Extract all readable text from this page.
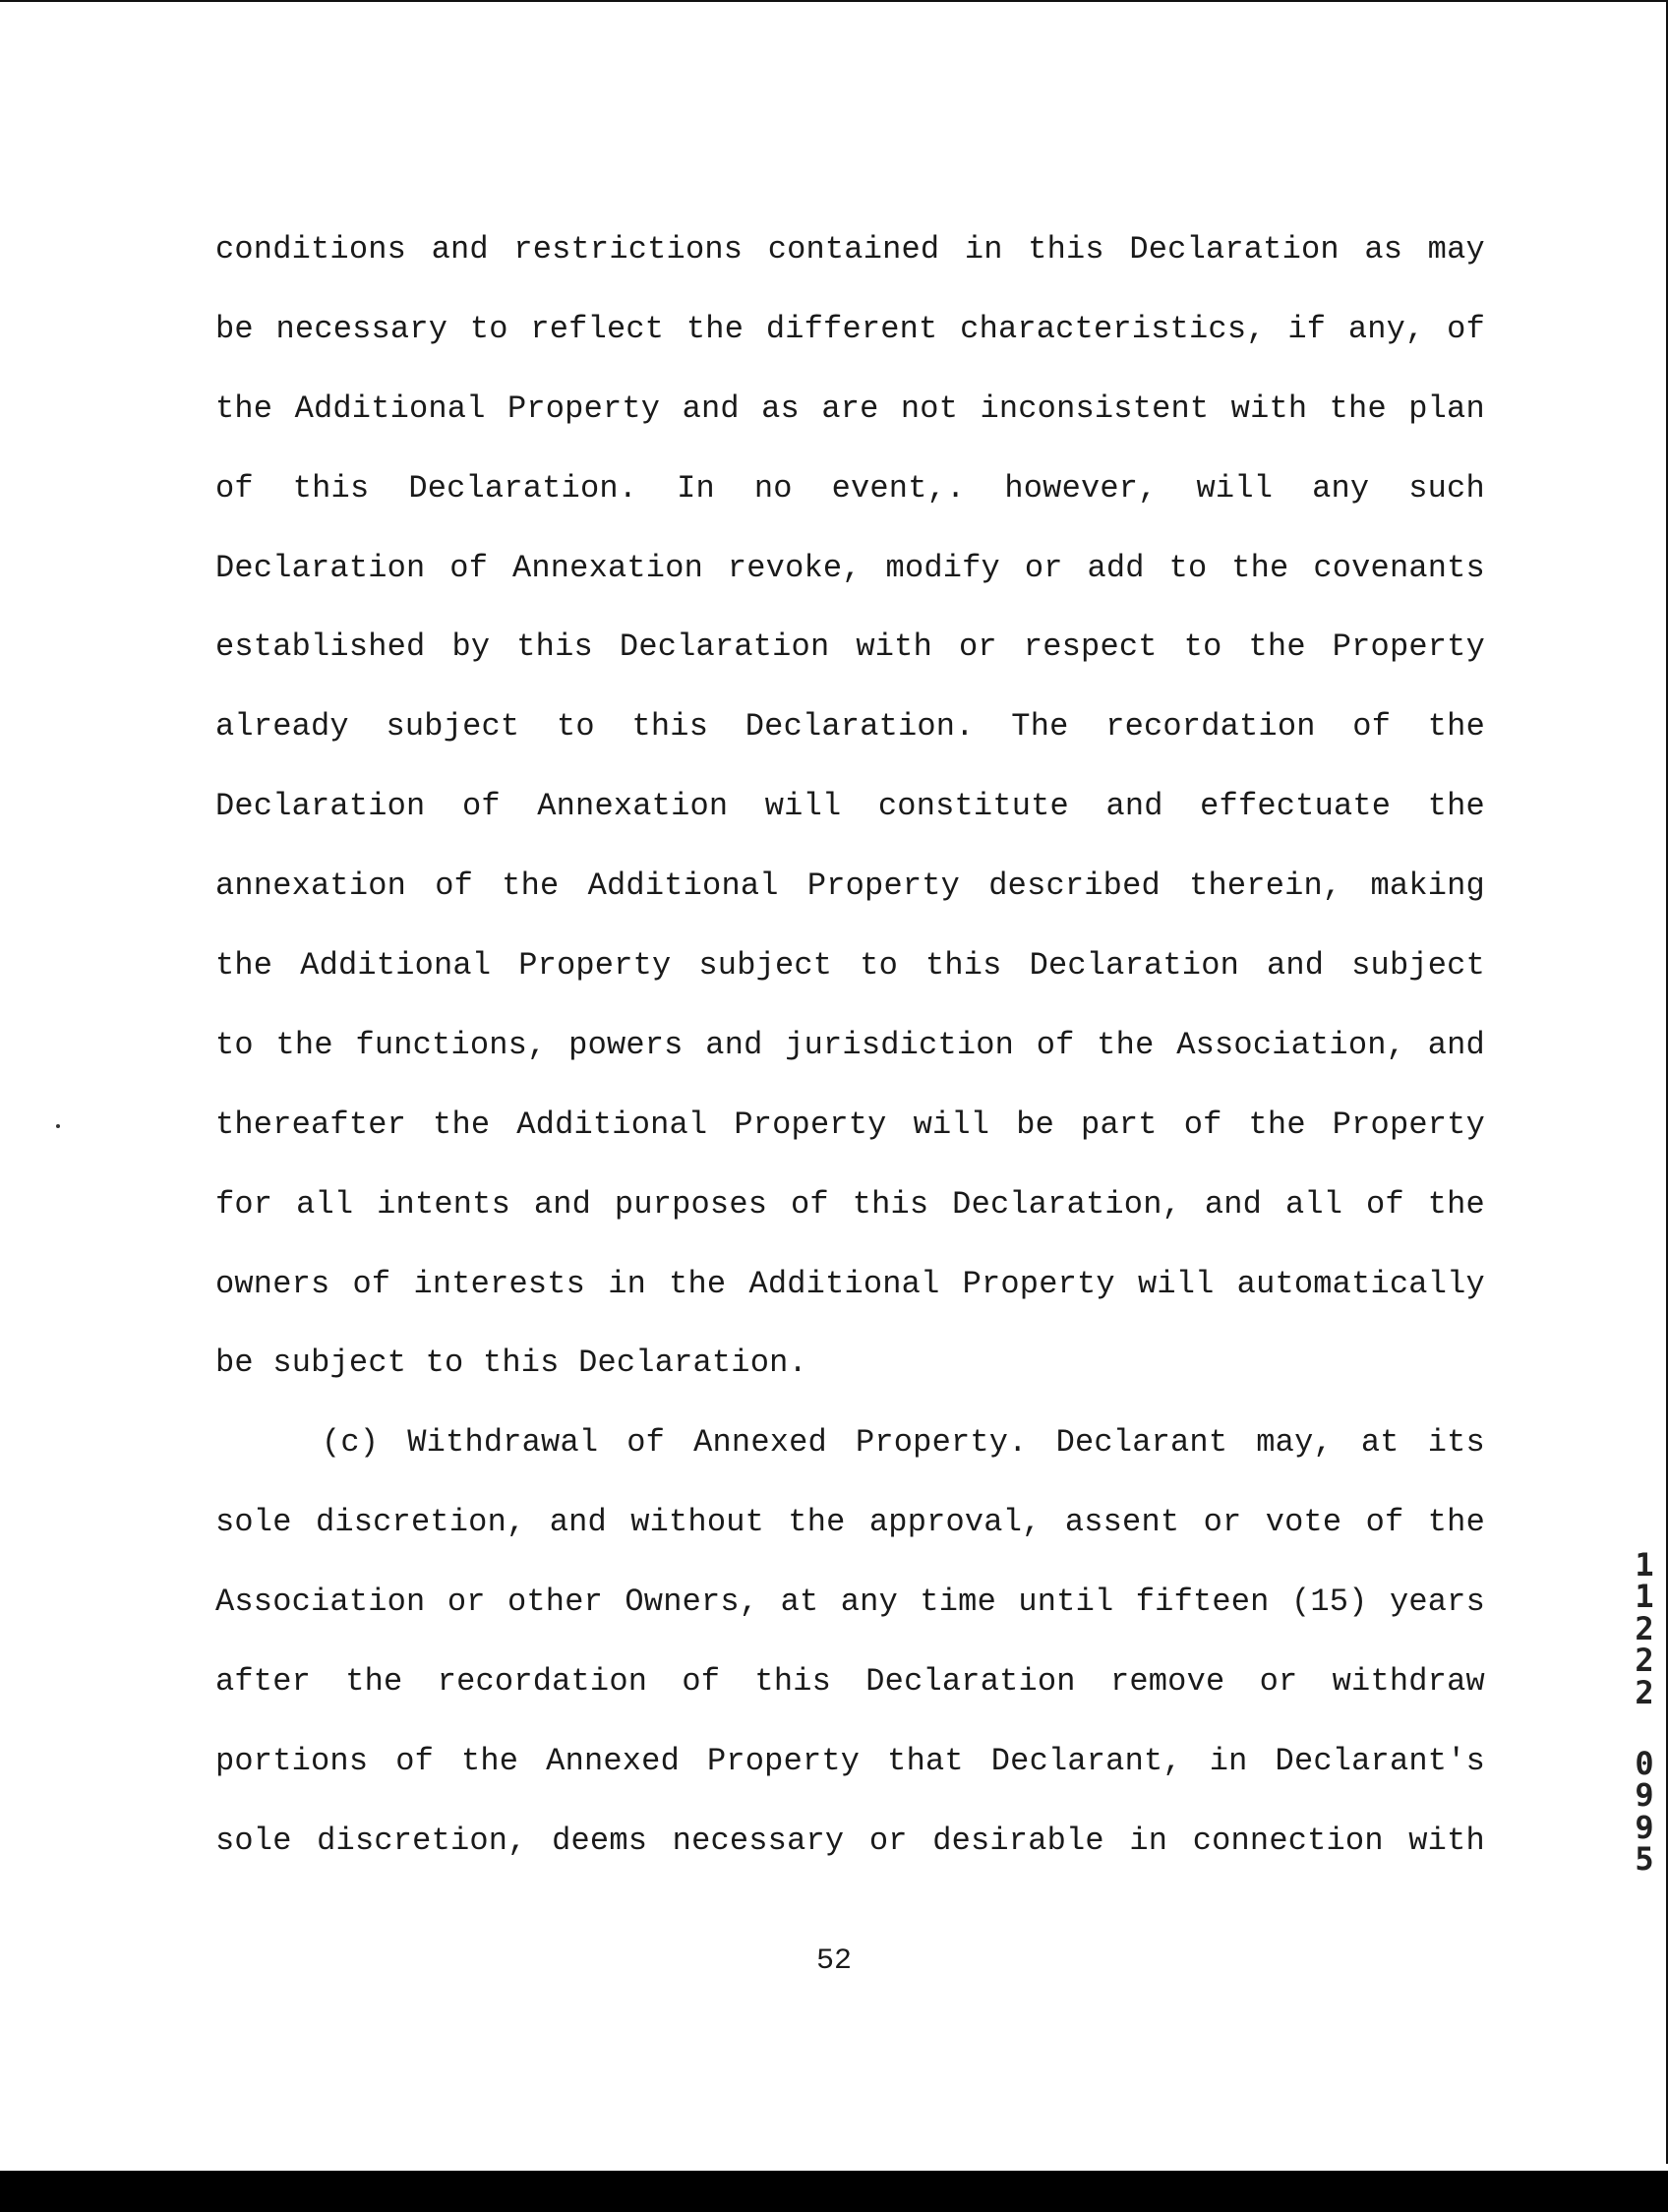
conditions and restrictions contained in this Declaration as may
be necessary to reflect the different characteristics, if any, of
the Additional Property and as are not inconsistent with the plan
of this Declaration. In no event,. however, will any such
Declaration of Annexation revoke, modify or add to the covenants
established by this Declaration with or respect to the Property
already subject to this Declaration. The recordation of the
Declaration of Annexation will constitute and effectuate the
annexation of the Additional Property described therein, making
the Additional Property subject to this Declaration and subject
to the functions, powers and jurisdiction of the Association, and
thereafter the Additional Property will be part of the Property
for all intents and purposes of this Declaration, and all of the
owners of interests in the Additional Property will automatically
be subject to this Declaration.
(c) Withdrawal of Annexed Property. Declarant may, at its
sole discretion, and without the approval, assent or vote of the
Association or other Owners, at any time until fifteen (15) years
after the recordation of this Declaration remove or withdraw
portions of the Annexed Property that Declarant, in Declarant's
sole discretion, deems necessary or desirable in connection with
52
1
1
2
2
2
0
9
9
5
